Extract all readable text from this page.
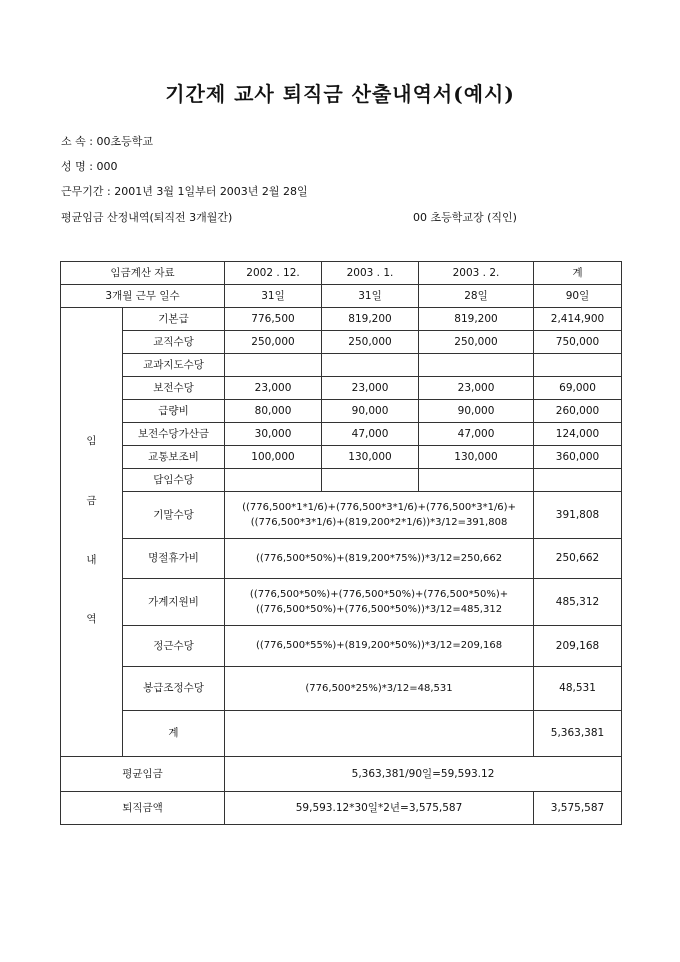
기간제 교사 퇴직금 산출내역서(예시)
소 속 : 00초등학교
성 명 : 000
근무기간 : 2001년 3월 1일부터 2003년 2월 28일
평균임금 산정내역(퇴직전 3개월간)	00 초등학교장 (직인)
임금계산 자료		2002 . 12.	2003 . 1.	2003 . 2.	계
3개월 근무 일수		31일	31일	28일	90일

임
금
내
역	기본급	776,500	819,200	819,200	2,414,900
	교직수당	250,000	250,000	250,000	750,000
	교과지도수당				
	보전수당	23,000	23,000	23,000	69,000
	급량비	80,000	90,000	90,000	260,000
	보전수당가산금	30,000	47,000	47,000	124,000
	교통보조비	100,000	130,000	130,000	360,000
	담임수당				
	기말수당	((776,500*1*1/6)+(776,500*3*1/6)+(776,500*3*1/6)+((776,500*3*1/6)+(819,200*2*1/6))*3/12=391,808			391,808
	명절휴가비	((776,500*50%)+(819,200*75%))*3/12=250,662			250,662
	가계지원비	((776,500*50%)+(776,500*50%)+(776,500*50%)+((776,500*50%)+(776,500*50%))*3/12=485,312			485,312
	정근수당	((776,500*55%)+(819,200*50%))*3/12=209,168			209,168
	봉급조정수당	(776,500*25%)*3/12=48,531			48,531
	계				5,363,381
평균임금		5,363,381/90일=59,593.12			
퇴직금액		59,593.12*30일*2년=3,575,587			3,575,587
